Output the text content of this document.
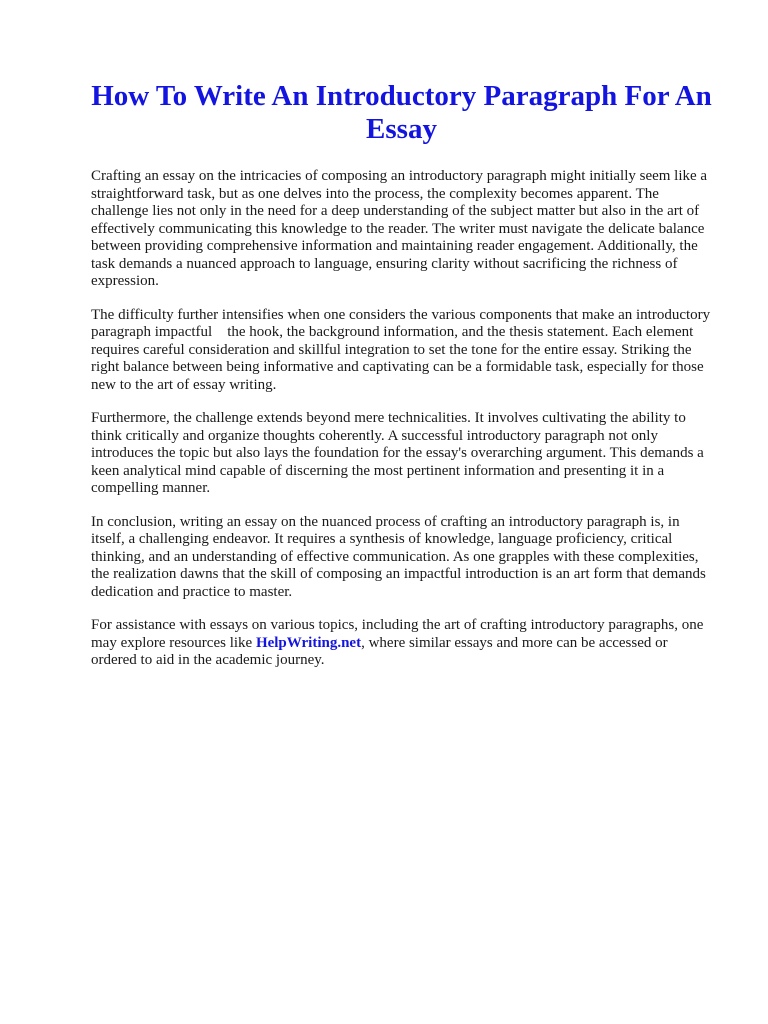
How To Write An Introductory Paragraph For An Essay

Crafting an essay on the intricacies of composing an introductory paragraph might initially seem like a straightforward task, but as one delves into the process, the complexity becomes apparent. The challenge lies not only in the need for a deep understanding of the subject matter but also in the art of effectively communicating this knowledge to the reader. The writer must navigate the delicate balance between providing comprehensive information and maintaining reader engagement. Additionally, the task demands a nuanced approach to language, ensuring clarity without sacrificing the richness of expression.

The difficulty further intensifies when one considers the various components that make an introductory paragraph impactful    the hook, the background information, and the thesis statement. Each element requires careful consideration and skillful integration to set the tone for the entire essay. Striking the right balance between being informative and captivating can be a formidable task, especially for those new to the art of essay writing.

Furthermore, the challenge extends beyond mere technicalities. It involves cultivating the ability to think critically and organize thoughts coherently. A successful introductory paragraph not only introduces the topic but also lays the foundation for the essay's overarching argument. This demands a keen analytical mind capable of discerning the most pertinent information and presenting it in a compelling manner.

In conclusion, writing an essay on the nuanced process of crafting an introductory paragraph is, in itself, a challenging endeavor. It requires a synthesis of knowledge, language proficiency, critical thinking, and an understanding of effective communication. As one grapples with these complexities, the realization dawns that the skill of composing an impactful introduction is an art form that demands dedication and practice to master.

For assistance with essays on various topics, including the art of crafting introductory paragraphs, one may explore resources like HelpWriting.net, where similar essays and more can be accessed or ordered to aid in the academic journey.
